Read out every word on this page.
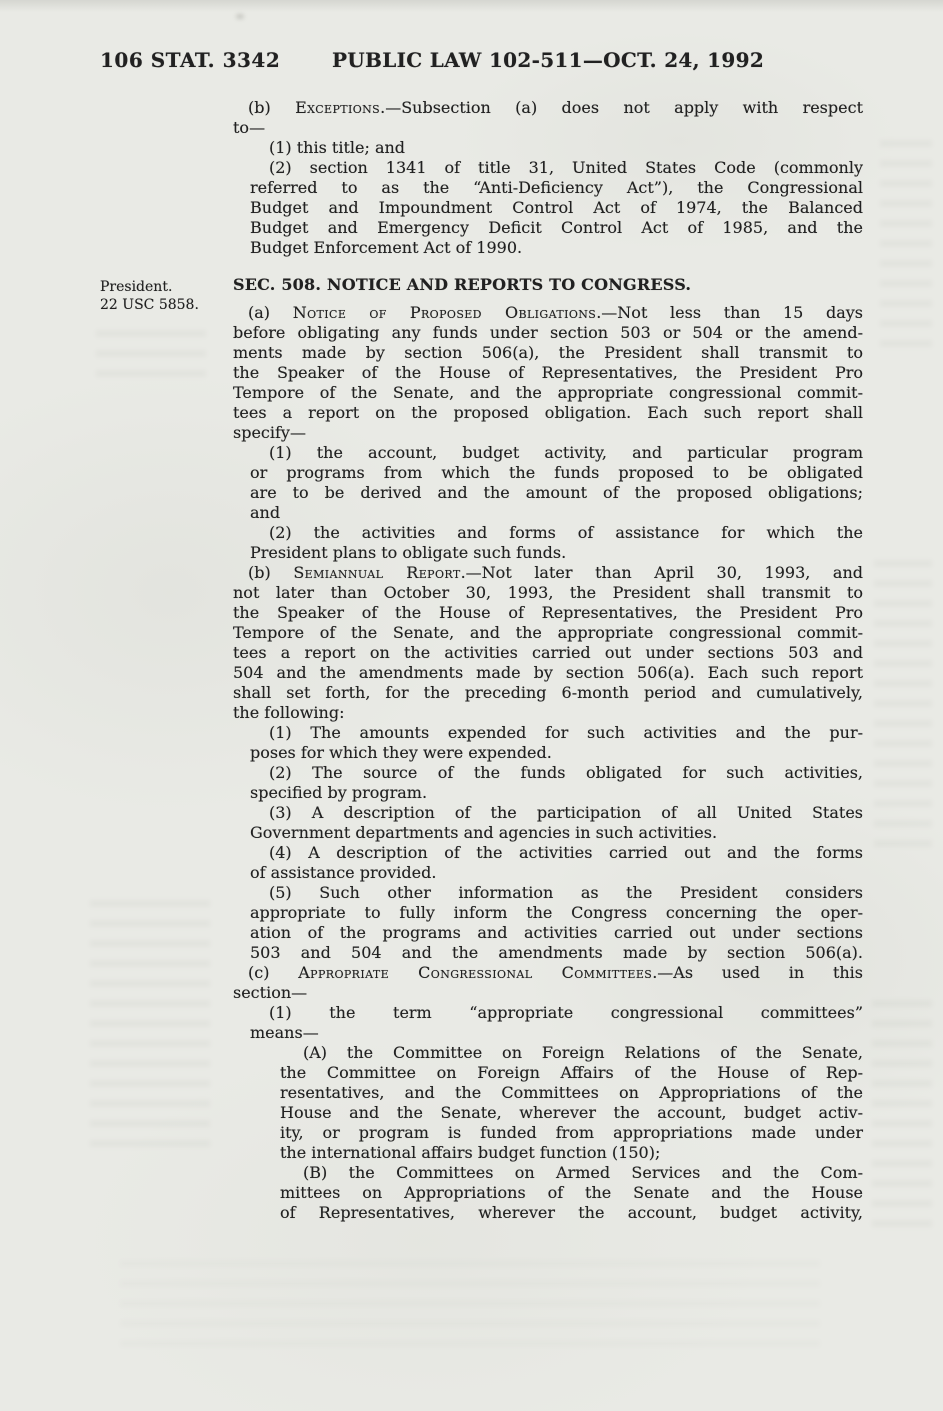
106 STAT. 3342	PUBLIC LAW 102-511—OCT. 24, 1992
President.
22 USC 5858.
(b) Exceptions.—Subsection (a) does not apply with respect
to—
(1) this title; and
(2) section 1341 of title 31, United States Code (commonly
referred to as the “Anti-Deficiency Act”), the Congressional
Budget and Impoundment Control Act of 1974, the Balanced
Budget and Emergency Deficit Control Act of 1985, and the
Budget Enforcement Act of 1990.
SEC. 508. NOTICE AND REPORTS TO CONGRESS.
(a) Notice of Proposed Obligations.—Not less than 15 days
before obligating any funds under section 503 or 504 or the amend-
ments made by section 506(a), the President shall transmit to
the Speaker of the House of Representatives, the President Pro
Tempore of the Senate, and the appropriate congressional commit-
tees a report on the proposed obligation. Each such report shall
specify—
(1) the account, budget activity, and particular program
or programs from which the funds proposed to be obligated
are to be derived and the amount of the proposed obligations;
and
(2) the activities and forms of assistance for which the
President plans to obligate such funds.
(b) Semiannual Report.—Not later than April 30, 1993, and
not later than October 30, 1993, the President shall transmit to
the Speaker of the House of Representatives, the President Pro
Tempore of the Senate, and the appropriate congressional commit-
tees a report on the activities carried out under sections 503 and
504 and the amendments made by section 506(a). Each such report
shall set forth, for the preceding 6-month period and cumulatively,
the following:
(1) The amounts expended for such activities and the pur-
poses for which they were expended.
(2) The source of the funds obligated for such activities,
specified by program.
(3) A description of the participation of all United States
Government departments and agencies in such activities.
(4) A description of the activities carried out and the forms
of assistance provided.
(5) Such other information as the President considers
appropriate to fully inform the Congress concerning the oper-
ation of the programs and activities carried out under sections
503 and 504 and the amendments made by section 506(a).
(c) Appropriate Congressional Committees.—As used in this
section—
(1) the term “appropriate congressional committees”
means—
(A) the Committee on Foreign Relations of the Senate,
the Committee on Foreign Affairs of the House of Rep-
resentatives, and the Committees on Appropriations of the
House and the Senate, wherever the account, budget activ-
ity, or program is funded from appropriations made under
the international affairs budget function (150);
(B) the Committees on Armed Services and the Com-
mittees on Appropriations of the Senate and the House
of Representatives, wherever the account, budget activity,
